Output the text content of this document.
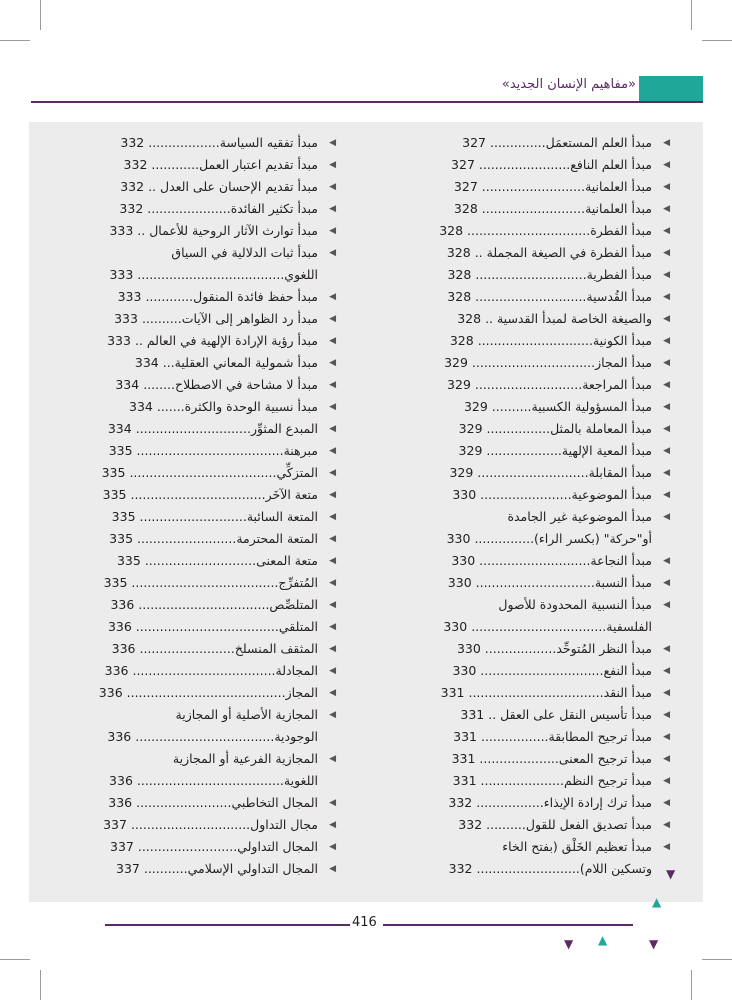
«مفاهيم الإنسان الجديد»
◀
مبدأ العلم المستعمَل.............. 327
◀
مبدأ العلم النافع....................... 327
◀
مبدأ العلمانية.......................... 327
◀
مبدأ العلمانية.......................... 328
◀
مبدأ الفطرة............................... 328
◀
مبدأ الفطرة في الصيغة المجملة .. 328
◀
مبدأ الفطرية............................ 328
◀
مبدأ القُدسية............................ 328
◀
والصيغة الخاصة لمبدأ القدسية .. 328
◀
مبدأ الكونية............................. 328
◀
مبدأ المجاز............................... 329
◀
مبدأ المراجعة........................... 329
◀
مبدأ المسؤولية الكسبية.......... 329
◀
مبدأ المعاملة بالمثل................ 329
◀
مبدأ المعية الإلهية................... 329
◀
مبدأ المقابلة............................ 329
◀
مبدأ الموضوعية....................... 330
◀
مبدأ الموضوعية غير الجامدة
أو"حركة" (بكسر الراء)............... 330
◀
مبدأ النجاعة............................ 330
◀
مبدأ النسبة.............................. 330
◀
مبدأ النسبية المحدودة للأصول
الفلسفية.................................. 330
◀
مبدأ النظر المُتوحِّد.................. 330
◀
مبدأ النفع............................... 330
◀
مبدأ النقد.................................. 331
◀
مبدأ تأسيس النقل على العقل .. 331
◀
مبدأ ترجيح المطابقة................. 331
◀
مبدأ ترجيح المعنى.................... 331
◀
مبدأ ترجيح النظم..................... 331
◀
مبدأ ترك إرادة الإيذاء................. 332
◀
مبدأ تصديق الفعل للقول.......... 332
◀
مبدأ تعظيم الخَلْق (بفتح الخاء
وتسكين اللام).......................... 332
◀
مبدأ تفقيه السياسة.................. 332
◀
مبدأ تقديم اعتبار العمل............ 332
◀
مبدأ تقديم الإحسان على العدل .. 332
◀
مبدأ تكثير الفائدة..................... 332
◀
مبدأ توارث الآثار الروحية للأعمال .. 333
◀
مبدأ ثبات الدلالية في السياق
اللغوي..................................... 333
◀
مبدأ حفظ فائدة المنقول............ 333
◀
مبدأ رد الظواهر إلى الآيات.......... 333
◀
مبدأ رؤية الإرادة الإلهية في العالم .. 333
◀
مبدأ شمولية المعاني العقلية... 334
◀
مبدأ لا مشاحة في الاصطلاح........ 334
◀
مبدأ نسبية الوحدة والكثرة....... 334
◀
المبدع المثوِّر............................. 334
◀
مبرهنة..................................... 335
◀
المتزكِّي..................................... 335
◀
متعة الآخَر.................................. 335
◀
المتعة السائبة........................... 335
◀
المتعة المحترمة......................... 335
◀
متعة المعنى............................ 335
◀
المُتفرِّج..................................... 335
◀
المتلصِّص................................. 336
◀
المتلقي.................................... 336
◀
المثقف المنسلخ........................ 336
◀
المجادلة.................................... 336
◀
المجاز........................................ 336
◀
المجازية الأصلية أو المجازية
الوجودية................................... 336
◀
المجازية الفرعية أو المجازية
اللغوية..................................... 336
◀
المجال التخاطبي........................ 336
◀
مجال التداول.............................. 337
◀
المجال التداولي......................... 337
◀
المجال التداولي الإسلامي........... 337
416
▼
▲
▼ ▲	▼
